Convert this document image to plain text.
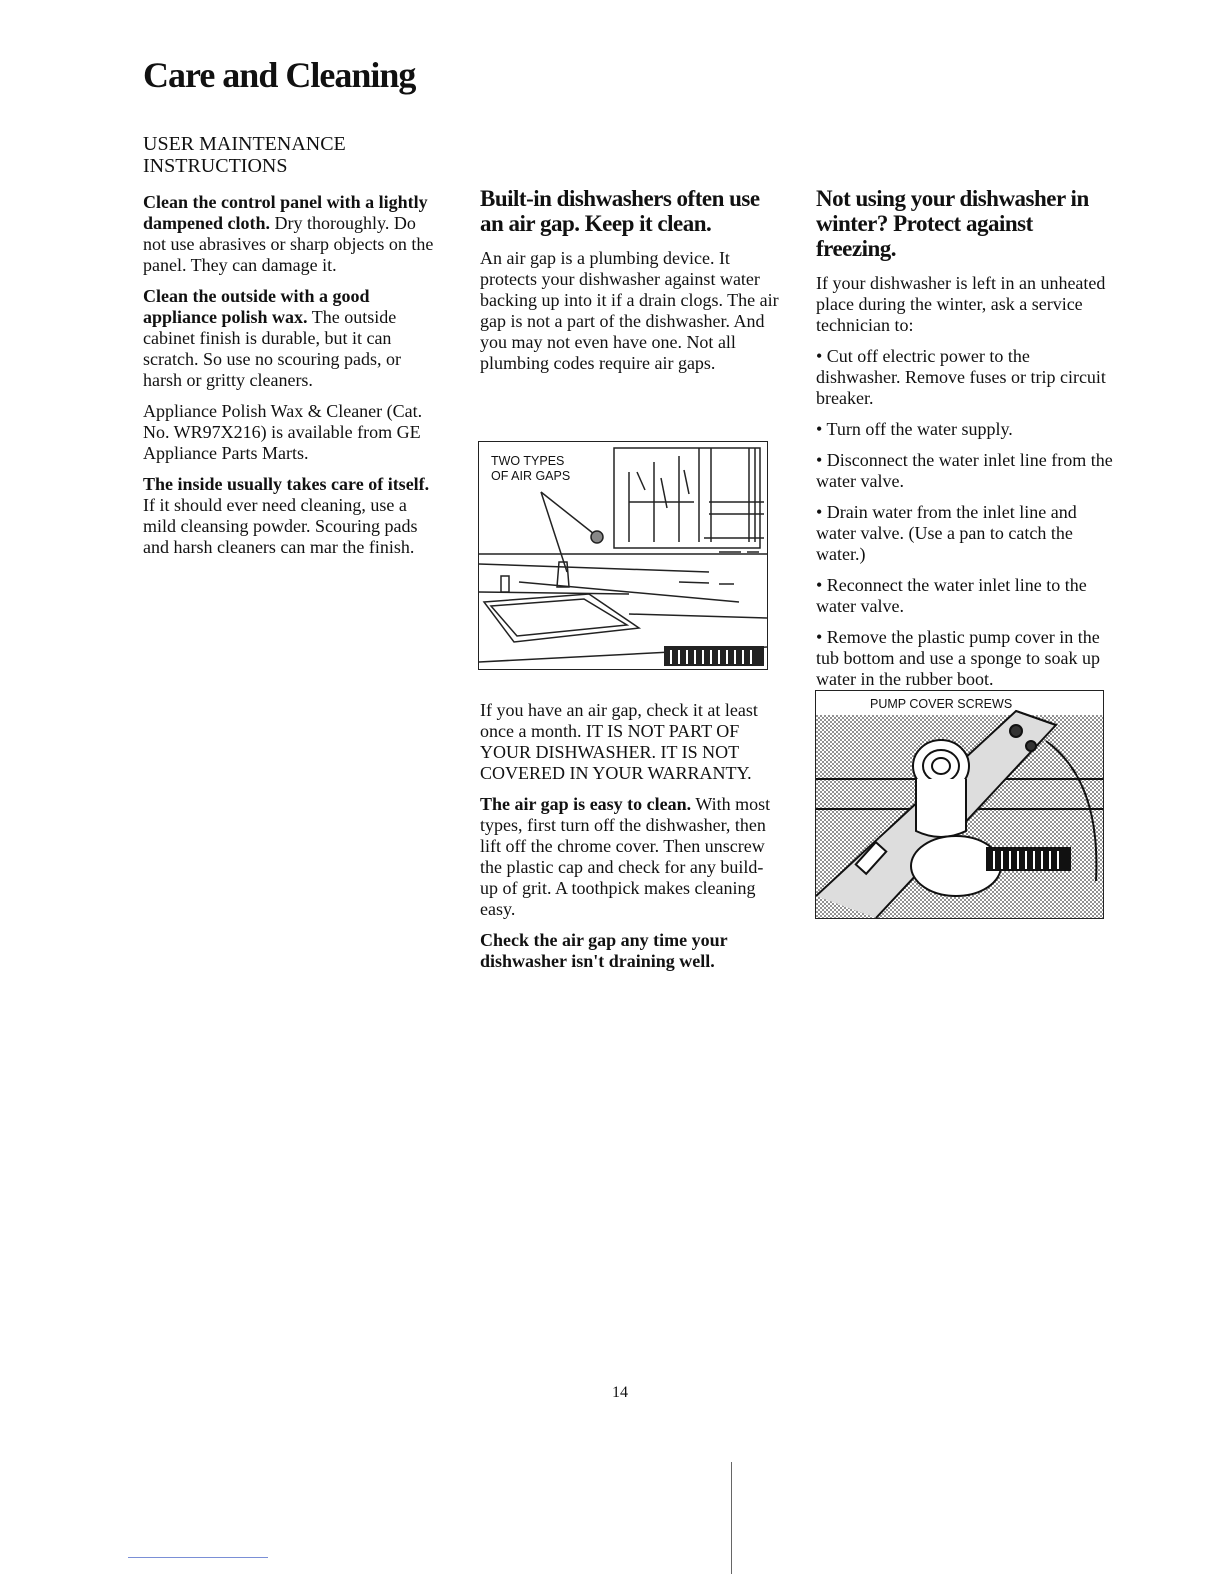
Care and Cleaning
USER MAINTENANCE INSTRUCTIONS

Clean the control panel with a lightly dampened cloth. Dry thoroughly. Do not use abrasives or sharp objects on the panel. They can damage it.

Clean the outside with a good appliance polish wax. The outside cabinet finish is durable, but it can scratch. So use no scouring pads, or harsh or gritty cleaners.

Appliance Polish Wax & Cleaner (Cat. No. WR97X216) is available from GE Appliance Parts Marts.

The inside usually takes care of itself. If it should ever need cleaning, use a mild cleansing powder. Scouring pads and harsh cleaners can mar the finish.

Built-in dishwashers often use an air gap. Keep it clean.

An air gap is a plumbing device. It protects your dishwasher against water backing up into it if a drain clogs. The air gap is not a part of the dishwasher. And you may not even have one. Not all plumbing codes require air gaps.

TWO TYPES
OF AIR GAPS

If you have an air gap, check it at least once a month. IT IS NOT PART OF YOUR DISHWASHER. IT IS NOT COVERED IN YOUR WARRANTY.

The air gap is easy to clean. With most types, first turn off the dishwasher, then lift off the chrome cover. Then unscrew the plastic cap and check for any build-up of grit. A toothpick makes cleaning easy.

Check the air gap any time your dishwasher isn't draining well.

Not using your dishwasher in winter? Protect against freezing.

If your dishwasher is left in an unheated place during the winter, ask a service technician to:

• Cut off electric power to the dishwasher. Remove fuses or trip circuit breaker.

• Turn off the water supply.

• Disconnect the water inlet line from the water valve.

• Drain water from the inlet line and water valve. (Use a pan to catch the water.)

• Reconnect the water inlet line to the water valve.

• Remove the plastic pump cover in the tub bottom and use a sponge to soak up water in the rubber boot.

PUMP COVER SCREWS
14
